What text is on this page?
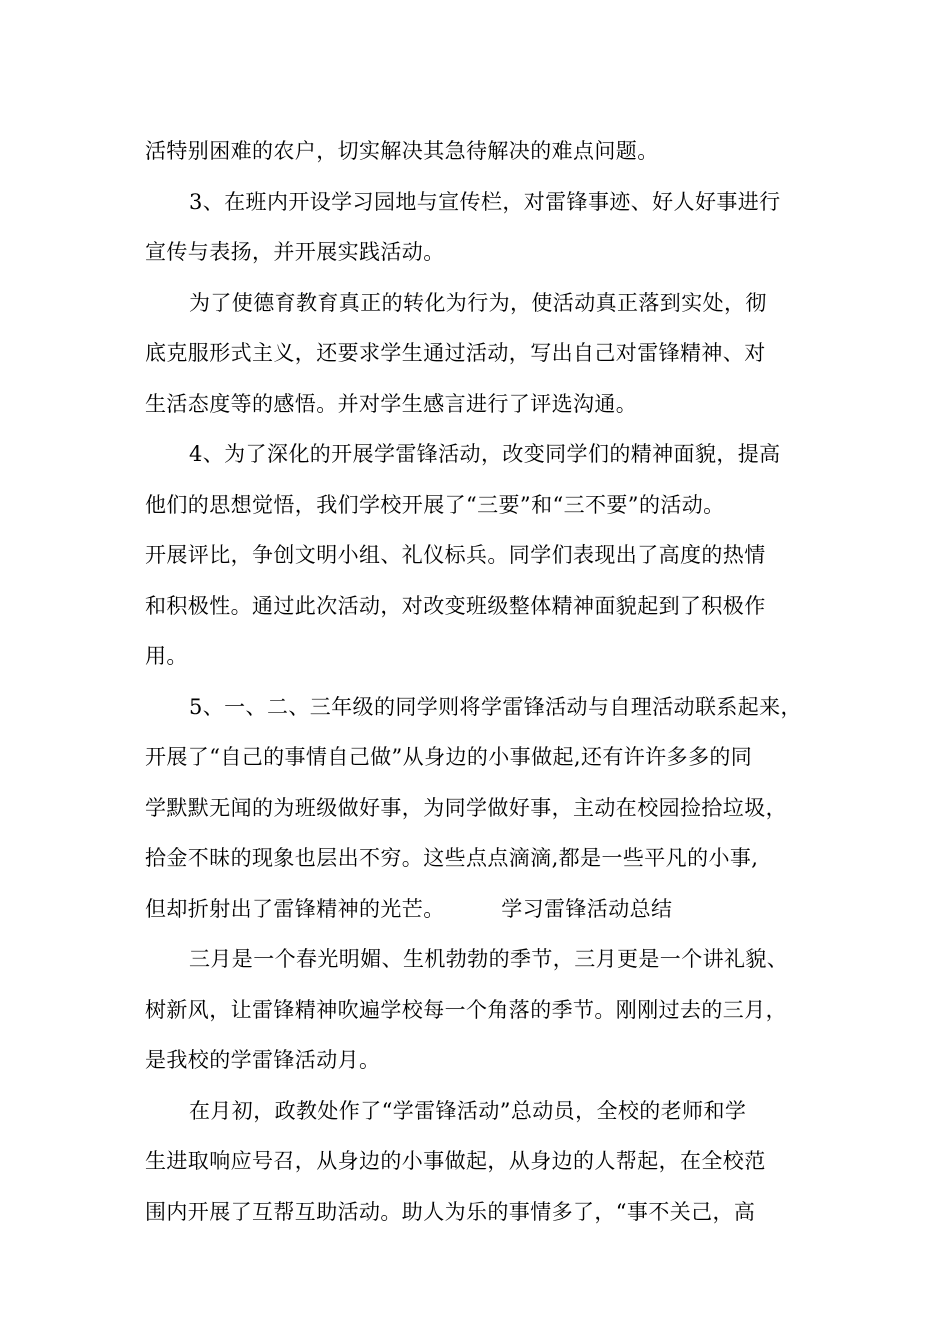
活特别困难的农户，切实解决其急待解决的难点问题。
3、在班内开设学习园地与宣传栏，对雷锋事迹、好人好事进行
宣传与表扬，并开展实践活动。
为了使德育教育真正的转化为行为，使活动真正落到实处，彻
底克服形式主义，还要求学生通过活动，写出自己对雷锋精神、对
生活态度等的感悟。并对学生感言进行了评选沟通。
4、为了深化的开展学雷锋活动，改变同学们的精神面貌，提高
他们的思想觉悟，我们学校开展了“三要”和“三不要”的活动。
开展评比，争创文明小组、礼仪标兵。同学们表现出了高度的热情
和积极性。通过此次活动，对改变班级整体精神面貌起到了积极作
用。
5、一、二、三年级的同学则将学雷锋活动与自理活动联系起来，
开展了“自己的事情自己做”从身边的小事做起,还有许许多多的同
学默默无闻的为班级做好事，为同学做好事，主动在校园捡拾垃圾，
拾金不昧的现象也层出不穷。这些点点滴滴,都是一些平凡的小事,
但却折射出了雷锋精神的光芒。        学习雷锋活动总结
三月是一个春光明媚、生机勃勃的季节，三月更是一个讲礼貌、
树新风，让雷锋精神吹遍学校每一个角落的季节。刚刚过去的三月，
是我校的学雷锋活动月。
在月初，政教处作了“学雷锋活动”总动员，全校的老师和学
生进取响应号召，从身边的小事做起，从身边的人帮起，在全校范
围内开展了互帮互助活动。助人为乐的事情多了，“事不关己，高
